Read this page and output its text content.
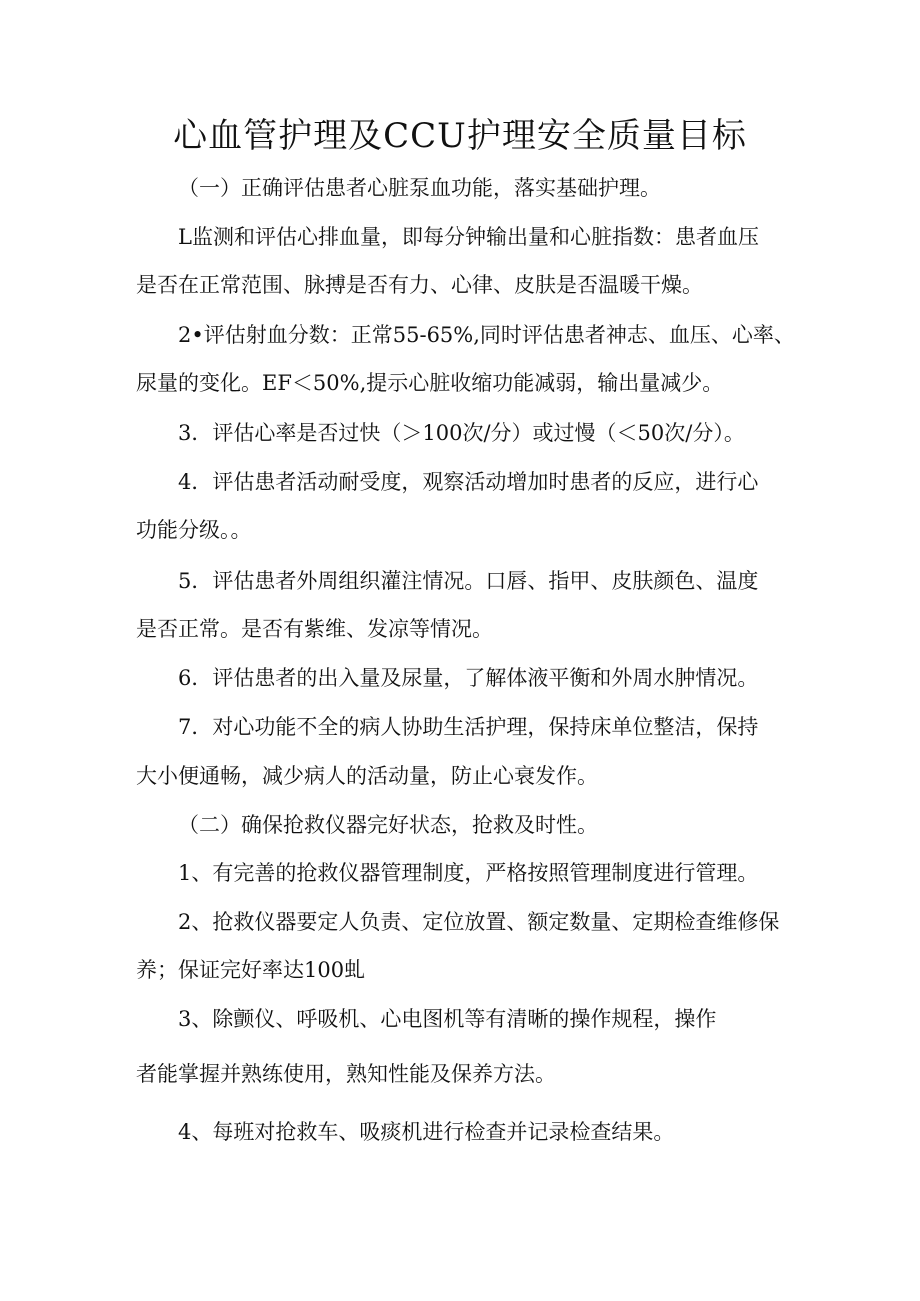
心血管护理及CCU护理安全质量目标

（一）正确评估患者心脏泵血功能，落实基础护理。

L监测和评估心排血量，即每分钟输出量和心脏指数：患者血压

是否在正常范围、脉搏是否有力、心律、皮肤是否温暖干燥。

2•评估射血分数：正常55-65%,同时评估患者神志、血压、心率、

尿量的变化。EF＜50%,提示心脏收缩功能减弱，输出量减少。

3．评估心率是否过快（＞100次/分）或过慢（＜50次/分）。

4．评估患者活动耐受度，观察活动增加时患者的反应，进行心

功能分级。。

5．评估患者外周组织灌注情况。口唇、指甲、皮肤颜色、温度

是否正常。是否有紫维、发凉等情况。

6．评估患者的出入量及尿量，了解体液平衡和外周水肿情况。

7．对心功能不全的病人协助生活护理，保持床单位整洁，保持

大小便通畅，减少病人的活动量，防止心衰发作。

（二）确保抢救仪器完好状态，抢救及时性。

1、有完善的抢救仪器管理制度，严格按照管理制度进行管理。

2、抢救仪器要定人负责、定位放置、额定数量、定期检查维修保

养；保证完好率达100虬

3、除颤仪、呼吸机、心电图机等有清晰的操作规程，操作

者能掌握并熟练使用，熟知性能及保养方法。

4、每班对抢救车、吸痰机进行检查并记录检查结果。
